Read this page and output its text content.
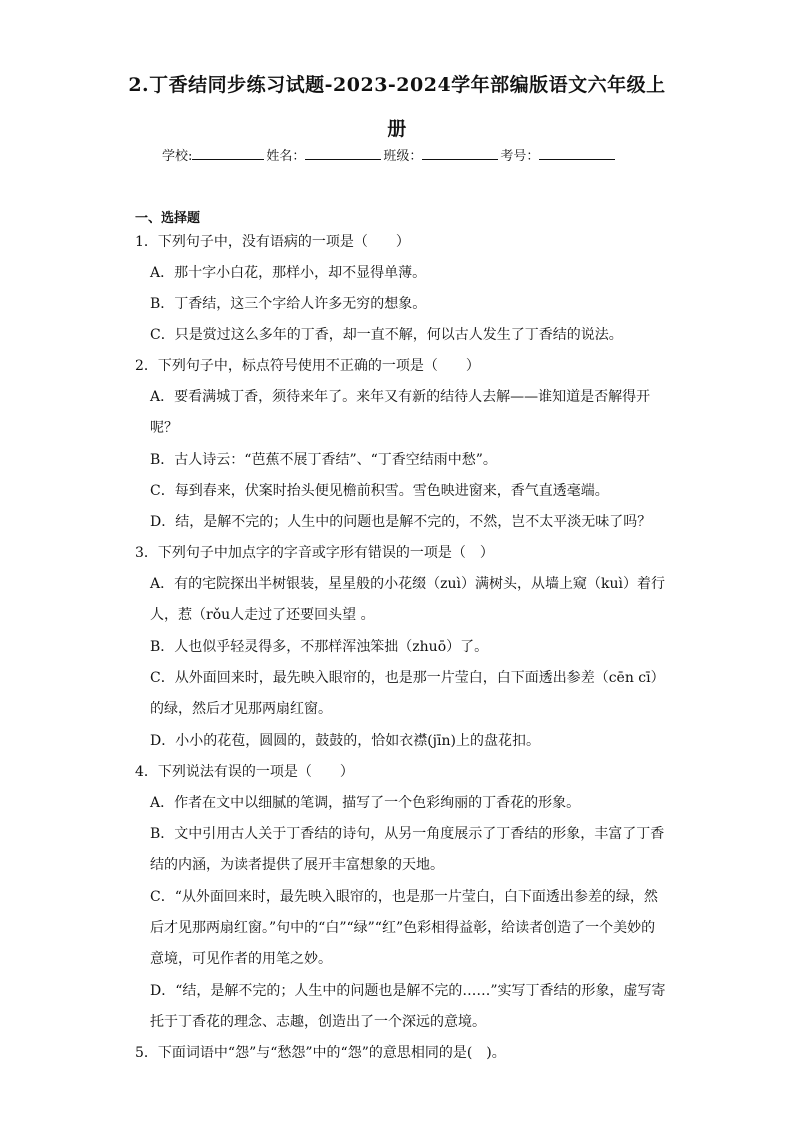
2.丁香结同步练习试题-2023-2024学年部编版语文六年级上
册
学校:	姓名：	班级：	考号：
一、选择题
1．下列句子中，没有语病的一项是（　　）
A．那十字小白花，那样小，却不显得单薄。
B．丁香结，这三个字给人许多无穷的想象。
C．只是赏过这么多年的丁香，却一直不解，何以古人发生了丁香结的说法。
2．下列句子中，标点符号使用不正确的一项是（　　）
A．要看满城丁香，须待来年了。来年又有新的结待人去解——谁知道是否解得开
呢？
B．古人诗云：“芭蕉不展丁香结”、“丁香空结雨中愁”。
C．每到春来，伏案时抬头便见檐前积雪。雪色映进窗来，香气直透毫端。
D．结，是解不完的；人生中的问题也是解不完的，不然，岂不太平淡无味了吗？
3．下列句子中加点字的字音或字形有错误的一项是（　）
A．有的宅院探出半树银装，星星般的小花缀（zuì）满树头，从墙上窥（kuì）着行
人，惹（rǒu人走过了还要回头望 。
B．人也似乎轻灵得多，不那样浑浊笨拙（zhuō）了。
C．从外面回来时，最先映入眼帘的，也是那一片莹白，白下面透出参差（cēn cī）
的绿，然后才见那两扇红窗。
D．小小的花苞，圆圆的，鼓鼓的，恰如衣襟(jīn)上的盘花扣。
4．下列说法有误的一项是（　　）
A．作者在文中以细腻的笔调，描写了一个色彩绚丽的丁香花的形象。
B．文中引用古人关于丁香结的诗句，从另一角度展示了丁香结的形象，丰富了丁香
结的内涵，为读者提供了展开丰富想象的天地。
C．“从外面回来时，最先映入眼帘的，也是那一片莹白，白下面透出参差的绿，然
后才见那两扇红窗。”句中的“白”“绿”“红”色彩相得益彰，给读者创造了一个美妙的
意境，可见作者的用笔之妙。
D．“结，是解不完的；人生中的问题也是解不完的……”实写丁香结的形象，虚写寄
托于丁香花的理念、志趣，创造出了一个深远的意境。
5．下面词语中“怨”与“愁怨”中的“怨”的意思相同的是(　)。
